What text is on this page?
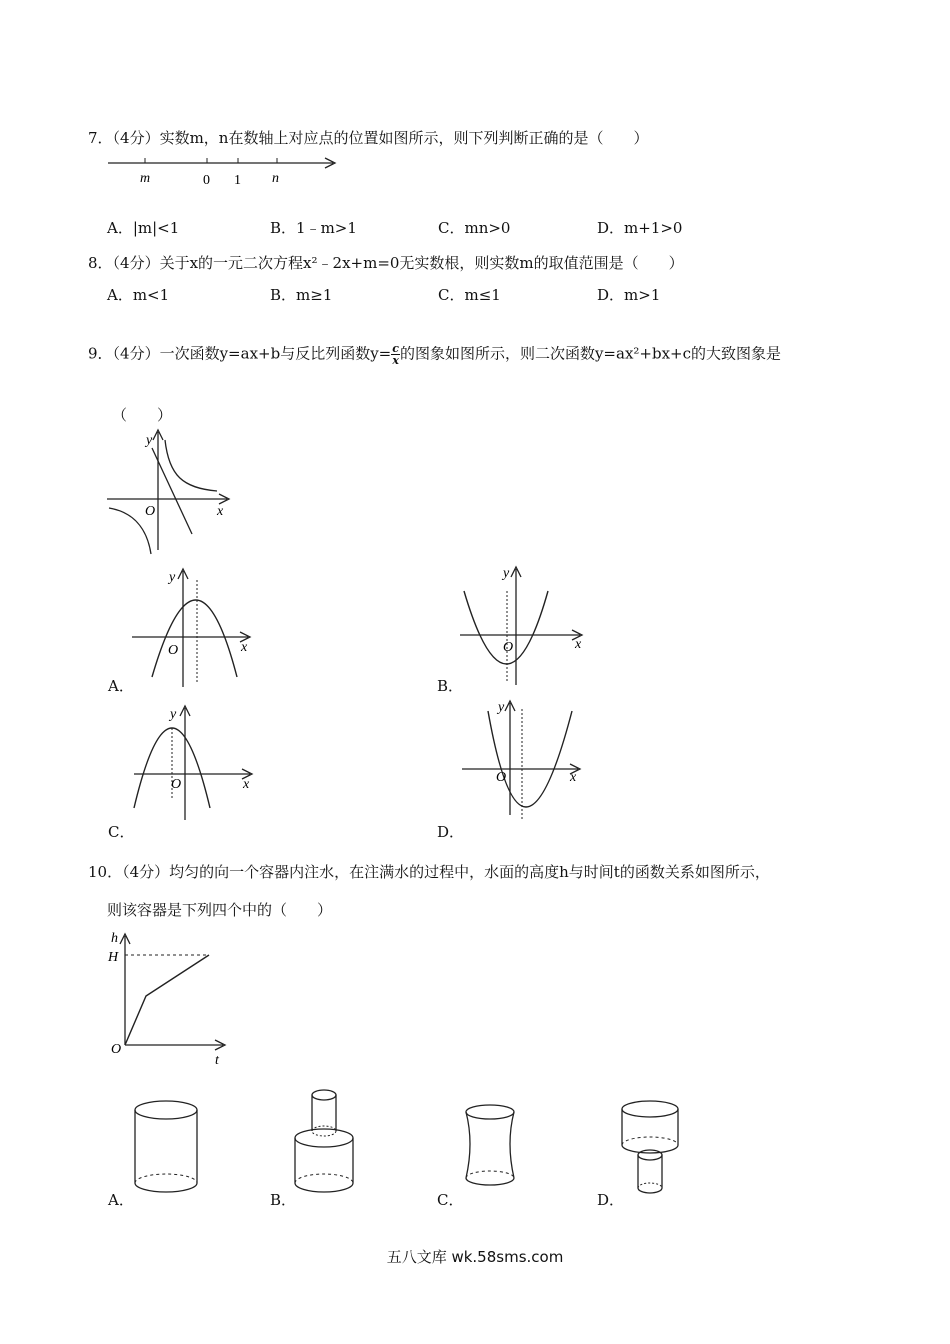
7．（4分）实数m，n在数轴上对应点的位置如图所示，则下列判断正确的是（　　）
m	0 1 n
A．|m|<1	B．1﹣m>1	C．mn>0	D．m+1>0
8．（4分）关于x的一元二次方程x²﹣2x+m=0无实数根，则实数m的取值范围是（　　）
A．m<1	B．m≥1	C．m≤1	D．m>1
9．（4分）一次函数y=ax+b与反比列函数$y= \frac{c}{x}$ 的图象如图所示，则二次函数y=ax²+bx+c的大致图象是
（　　）
y
x
O
y
x
O
A．
y
x
O
B．
y
x
O
C．
y
x
O
D．
10．（4分）均匀的向一个容器内注水，在注满水的过程中，水面的高度h与时间t的函数关系如图所示，
则该容器是下列四个中的（　　）
h
H
O
t
A．	B．	C．	D．
五八文库 wk.58sms.com
